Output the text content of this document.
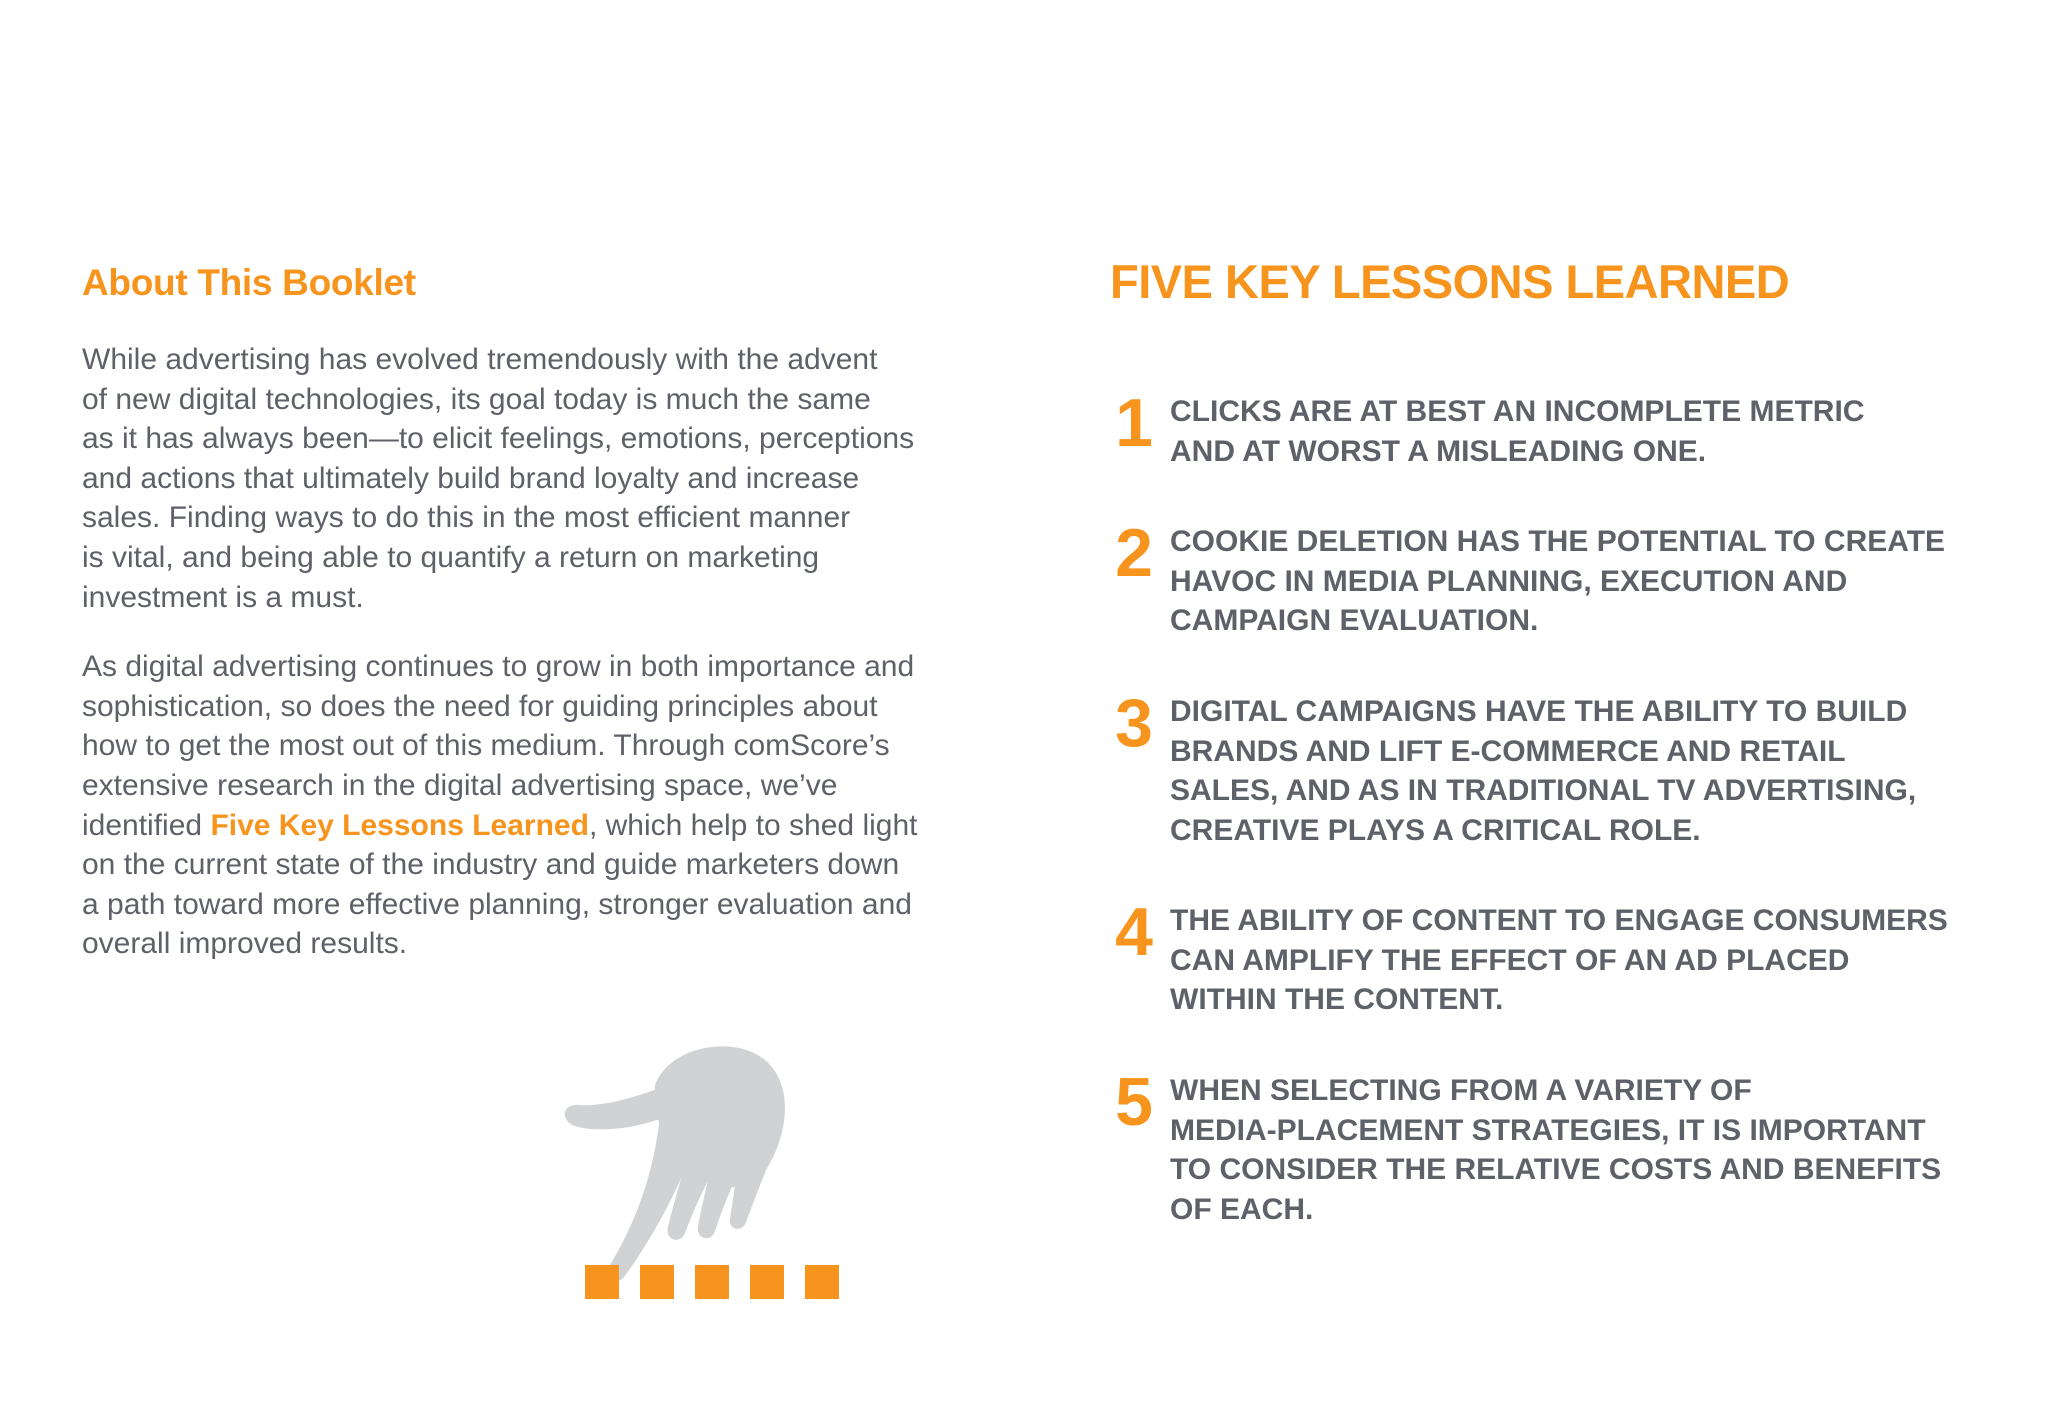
About This Booklet

While advertising has evolved tremendously with the advent
of new digital technologies, its goal today is much the same
as it has always been—to elicit feelings, emotions, perceptions
and actions that ultimately build brand loyalty and increase
sales. Finding ways to do this in the most efficient manner
is vital, and being able to quantify a return on marketing
investment is a must.

As digital advertising continues to grow in both importance and
sophistication, so does the need for guiding principles about
how to get the most out of this medium. Through comScore’s
extensive research in the digital advertising space, we’ve
identified Five Key Lessons Learned, which help to shed light
on the current state of the industry and guide marketers down
a path toward more effective planning, stronger evaluation and
overall improved results.

FIVE KEY LESSONS LEARNED
1 CLICKS ARE AT BEST AN INCOMPLETE METRIC
AND AT WORST A MISLEADING ONE.
2 COOKIE DELETION HAS THE POTENTIAL TO CREATE
HAVOC IN MEDIA PLANNING, EXECUTION AND
CAMPAIGN EVALUATION.
3 DIGITAL CAMPAIGNS HAVE THE ABILITY TO BUILD
BRANDS AND LIFT E-COMMERCE AND RETAIL
SALES, AND AS IN TRADITIONAL TV ADVERTISING,
CREATIVE PLAYS A CRITICAL ROLE.
4 THE ABILITY OF CONTENT TO ENGAGE CONSUMERS
CAN AMPLIFY THE EFFECT OF AN AD PLACED
WITHIN THE CONTENT.
5 WHEN SELECTING FROM A VARIETY OF
MEDIA-PLACEMENT STRATEGIES, IT IS IMPORTANT
TO CONSIDER THE RELATIVE COSTS AND BENEFITS
OF EACH.
